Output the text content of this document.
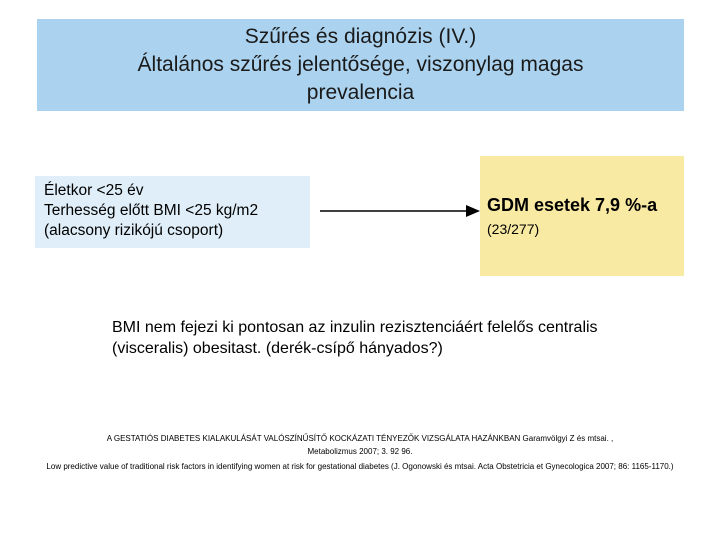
Szűrés és diagnózis (IV.)
Általános szűrés jelentősége, viszonylag magas
prevalencia
Életkor <25 év
Terhesség előtt BMI <25 kg/m2
(alacsony rizikójú csoport)
GDM esetek 7,9 %-a
(23/277)
BMI nem fejezi ki pontosan az inzulin rezisztenciáért felelős centralis
(visceralis) obesitast. (derék-csípő hányados?)
A GESTATIÓS DIABETES KIALAKULÁSÁT VALÓSZÍNŰSÍTŐ KOCKÁZATI TÉNYEZŐK VIZSGÁLATA HAZÁNKBAN Garamvölgyi Z és mtsai. ,
Metabolizmus 2007; 3. 92 96.
Low predictive value of traditional risk factors in identifying women at risk for gestational diabetes (J. Ogonowski és mtsai. Acta Obstetricia et Gynecologica 2007; 86: 1165-1170.)
